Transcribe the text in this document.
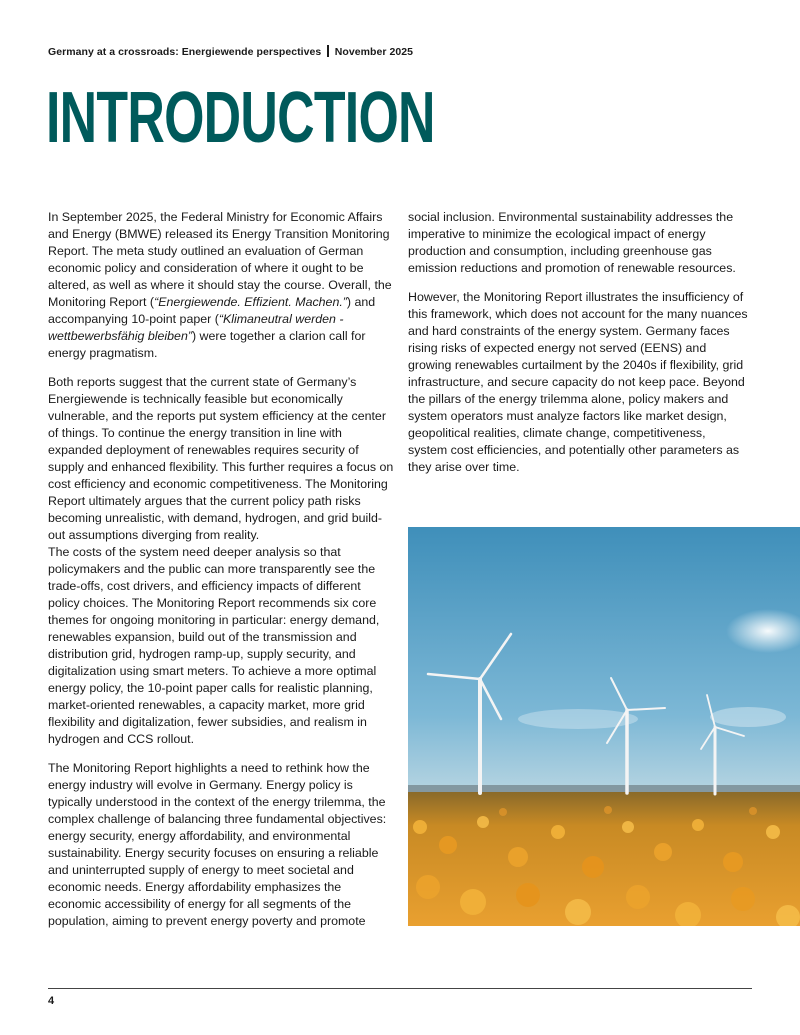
Germany at a crossroads: Energiewende perspectives November 2025
INTRODUCTION

In September 2025, the Federal Ministry for Economic Affairs and Energy (BMWE) released its Energy Transition Monitoring Report. The meta study outlined an evaluation of German economic policy and consideration of where it ought to be altered, as well as where it should stay the course. Overall, the Monitoring Report (“Energiewende. Effizient. Machen.”) and accompanying 10-point paper (“Klimaneutral werden - wettbewerbsfähig bleiben”) were together a clarion call for energy pragmatism.

Both reports suggest that the current state of Germany’s Energiewende is technically feasible but economically vulnerable, and the reports put system efficiency at the center of things. To continue the energy transition in line with expanded deployment of renewables requires security of supply and enhanced flexibility. This further requires a focus on cost efficiency and economic competitiveness. The Monitoring Report ultimately argues that the current policy path risks becoming unrealistic, with demand, hydrogen, and grid build-out assumptions diverging from reality.
The costs of the system need deeper analysis so that policymakers and the public can more transparently see the trade-offs, cost drivers, and efficiency impacts of different policy choices. The Monitoring Report recommends six core themes for ongoing monitoring in particular: energy demand, renewables expansion, build out of the transmission and distribution grid, hydrogen ramp-up, supply security, and digitalization using smart meters. To achieve a more optimal energy policy, the 10-point paper calls for realistic planning, market-oriented renewables, a capacity market, more grid flexibility and digitalization, fewer subsidies, and realism in hydrogen and CCS rollout.

The Monitoring Report highlights a need to rethink how the energy industry will evolve in Germany. Energy policy is typically understood in the context of the energy trilemma, the complex challenge of balancing three fundamental objectives: energy security, energy affordability, and environmental sustainability. Energy security focuses on ensuring a reliable and uninterrupted supply of energy to meet societal and economic needs. Energy affordability emphasizes the economic accessibility of energy for all segments of the population, aiming to prevent energy poverty and promote

social inclusion. Environmental sustainability addresses the imperative to minimize the ecological impact of energy production and consumption, including greenhouse gas emission reductions and promotion of renewable resources.

However, the Monitoring Report illustrates the insufficiency of this framework, which does not account for the many nuances and hard constraints of the energy system. Germany faces rising risks of expected energy not served (EENS) and growing renewables curtailment by the 2040s if flexibility, grid infrastructure, and secure capacity do not keep pace. Beyond the pillars of the energy trilemma alone, policy makers and system operators must analyze factors like market design, geopolitical realities, climate change, competitiveness, system cost efficiencies, and potentially other parameters as they arise over time.

4
